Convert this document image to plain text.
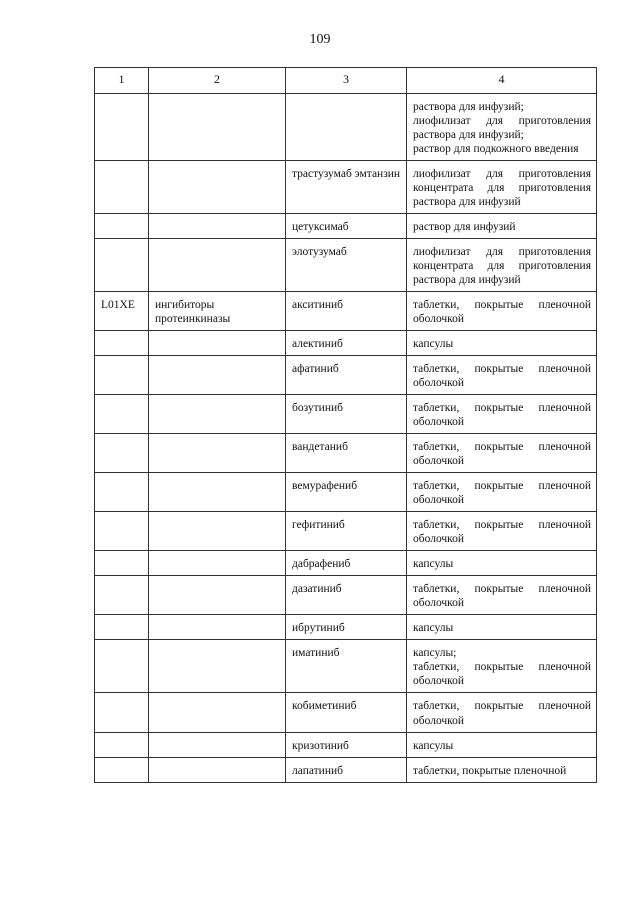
109
1	2	3	4

			раствора для инфузий;
лиофилизат для приготовления раствора для инфузий;
раствор для подкожного введения

		трастузумаб эмтанзин	лиофилизат для приготовления концентрата для приготовления раствора для инфузий

		цетуксимаб	раствор для инфузий

		элотузумаб	лиофилизат для приготовления концентрата для приготовления раствора для инфузий

L01XE	ингибиторы протеинкиназы	акситиниб	таблетки, покрытые пленочной оболочкой

		алектиниб	капсулы

		афатиниб	таблетки, покрытые пленочной оболочкой

		бозутиниб	таблетки, покрытые пленочной оболочкой

		вандетаниб	таблетки, покрытые пленочной оболочкой

		вемурафениб	таблетки, покрытые пленочной оболочкой

		гефитиниб	таблетки, покрытые пленочной оболочкой

		дабрафениб	капсулы

		дазатиниб	таблетки, покрытые пленочной оболочкой

		ибрутиниб	капсулы

		иматиниб	капсулы;
таблетки, покрытые пленочной оболочкой

		кобиметиниб	таблетки, покрытые пленочной оболочкой

		кризотиниб	капсулы

		лапатиниб	таблетки, покрытые пленочной
